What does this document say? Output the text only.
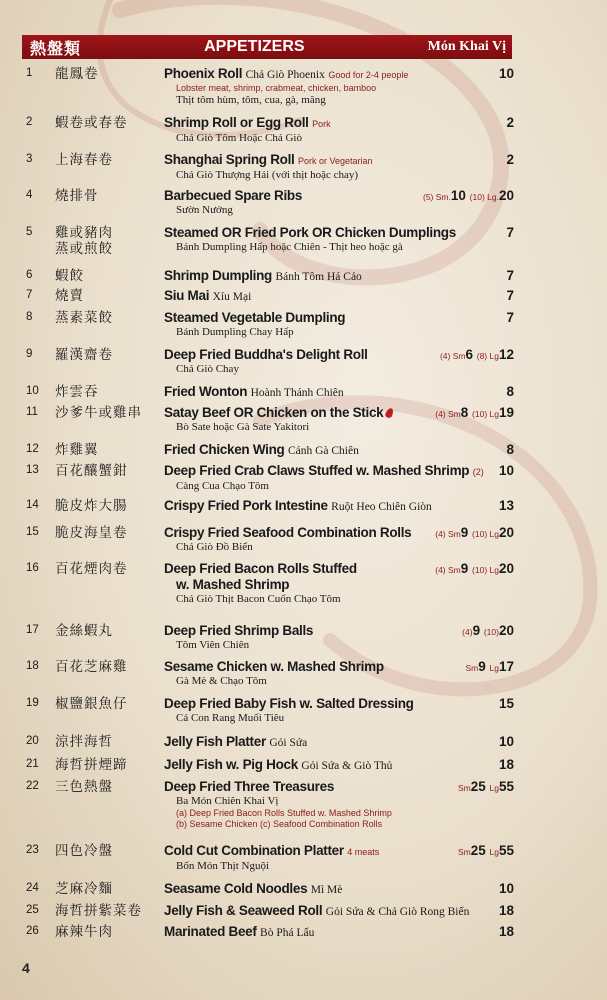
熱盤類	APPETIZERS	Món Khai Vị
1	龍鳳卷	Phoenix Roll Chả Giò Phoenix Good for 2-4 people
Lobster meat, shrimp, crabmeat, chicken, bamboo
Thịt tôm hùm, tôm, cua, gà, măng
10
2	蝦卷或春卷	Shrimp Roll or Egg Roll Pork
Chả Giò Tôm Hoặc Chả Giò
2
3	上海春卷	Shanghai Spring Roll Pork or Vegetarian
Chả Giò Thượng Hải (với thịt hoặc chay)
2
4	燒排骨	Barbecued Spare Ribs
Sườn Nướng
(5) Sm.10 (10) Lg.20
5	雞或豬肉
蒸或煎餃
Steamed OR Fried Pork OR Chicken Dumplings
Bánh Dumpling Hấp hoặc Chiên - Thịt heo hoặc gà
7
6	蝦餃	Shrimp Dumpling Bánh Tôm Há Cảo	7
7	燒賣	Siu Mai Xíu Mại	7
8	蒸素菜餃	Steamed Vegetable Dumpling
Bánh Dumpling Chay Hấp
7
9	羅漢齋卷	Deep Fried Buddha's Delight Roll
Chả Giò Chay
(4) Sm6 (8) Lg12
10	炸雲吞	Fried Wonton Hoành Thánh Chiên	8
11	沙爹牛或雞串 Satay Beef OR Chicken on the Stick
Bò Sate hoặc Gà Sate Yakitori
(4) Sm8 (10) Lg19
12	炸雞翼	Fried Chicken Wing Cánh Gà Chiên	8
13	百花釀蟹鉗	Deep Fried Crab Claws Stuffed w. Mashed Shrimp (2)
Càng Cua Chạo Tôm
10
14	脆皮炸大腸	Crispy Fried Pork Intestine Ruột Heo Chiên Giòn	13
15	脆皮海皇卷	Crispy Fried Seafood Combination Rolls
Chả Giò Đồ Biển
(4) Sm9 (10) Lg20
16	百花煙肉卷	Deep Fried Bacon Rolls Stuffed
w. Mashed Shrimp
Chả Giò Thịt Bacon Cuốn Chạo Tôm
(4) Sm9 (10) Lg20
17	金絲蝦丸	Deep Fried Shrimp Balls
Tôm Viên Chiên
(4)9 (10)20
18	百花芝麻雞	Sesame Chicken w. Mashed Shrimp
Gà Mè & Chạo Tôm
Sm9 Lg17
19	椒鹽銀魚仔	Deep Fried Baby Fish w. Salted Dressing
Cá Con Rang Muối Tiêu
15
20	涼拌海哲	Jelly Fish Platter Gỏi Sứa	10
21	海哲拼煙蹄	Jelly Fish w. Pig Hock Gỏi Sứa & Giò Thủ	18
22	三色熱盤	Deep Fried Three Treasures
Ba Món Chiên Khai Vị
(a) Deep Fried Bacon Rolls Stuffed w. Mashed Shrimp
(b) Sesame Chicken (c) Seafood Combination Rolls
Sm25 Lg55
23	四色冷盤	Cold Cut Combination Platter 4 meats
Bốn Món Thịt Nguội
Sm25 Lg55
24	芝麻冷麵	Seasame Cold Noodles Mì Mè	10
25	海哲拼紫菜卷 Jelly Fish & Seaweed Roll Gỏi Sứa & Chả Giò Rong Biển	18
26	麻辣牛肉	Marinated Beef Bò Phá Lấu	18
4
